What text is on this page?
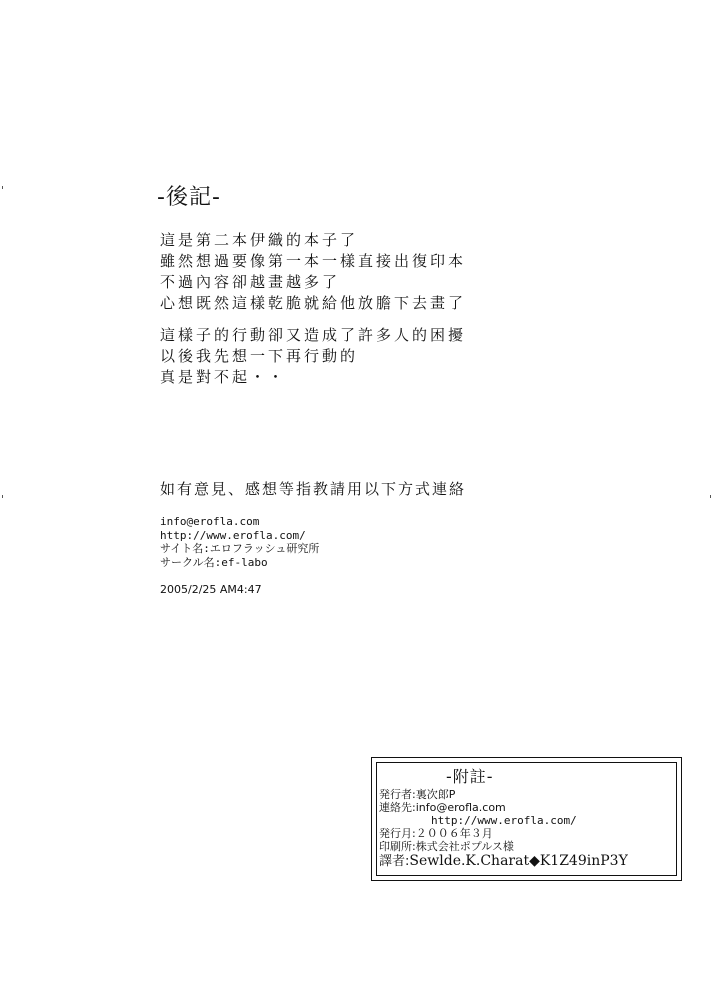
-後記-
這是第二本伊織的本子了
雖然想過要像第一本一樣直接出復印本
不過內容卻越畫越多了
心想既然這樣乾脆就給他放膽下去畫了
這樣子的行動卻又造成了許多人的困擾
以後我先想一下再行動的
真是對不起・・
如有意見、感想等指教請用以下方式連絡
info@erofla.com
http://www.erofla.com/
サイト名:エロフラッシュ研究所
サークル名:ef-labo
2005/2/25 AM4:47
-附註-
発行者:裏次郎P
連絡先:info@erofla.com
http://www.erofla.com/
発行月:２００６年３月
印刷所:株式会社ポプルス様
譯者:Sewlde.K.Charat◆K1Z49inP3Y
